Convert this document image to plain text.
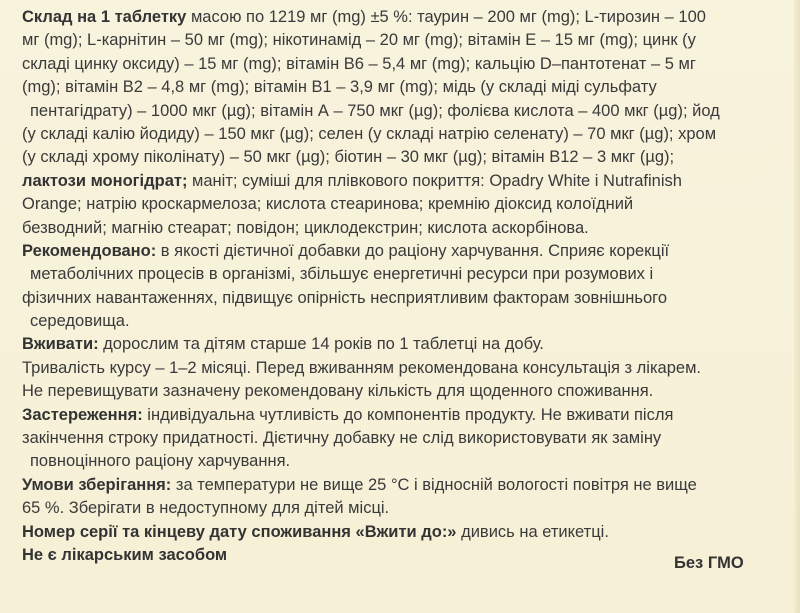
Склад на 1 таблетку масою по 1219 мг (mg) ±5 %: таурин – 200 мг (mg); L-тирозин – 100
мг (mg); L-карнітин – 50 мг (mg); нікотинамід – 20 мг (mg); вітамін Е – 15 мг (mg); цинк (у
складі цинку оксиду) – 15 мг (mg); вітамін В6 – 5,4 мг (mg); кальцію D–пантотенат – 5 мг
(mg); вітамін В2 – 4,8 мг (mg); вітамін В1 – 3,9 мг (mg); мідь (у складі міді сульфату
пентагідрату) – 1000 мкг (µg); вітамін А – 750 мкг (µg); фолієва кислота – 400 мкг (µg); йод
(у складі калію йодиду) – 150 мкг (µg); селен (у складі натрію селенату) – 70 мкг (µg); хром
(у складі хрому піколінату) – 50 мкг (µg); біотин – 30 мкг (µg); вітамін В12 – 3 мкг (µg);
лактози моногідрат; маніт; суміші для плівкового покриття: Opadry White і Nutrafinish
Orange; натрію кроскармелоза; кислота стеаринова; кремнію діоксид колоїдний
безводний; магнію стеарат; повідон; циклодекстрин; кислота аскорбінова.
Рекомендовано: в якості дієтичної добавки до раціону харчування. Сприяє корекції
метаболічних процесів в організмі, збільшує енергетичні ресурси при розумових і
фізичних навантаженнях, підвищує опірність несприятливим факторам зовнішнього
середовища.
Вживати: дорослим та дітям старше 14 років по 1 таблетці на добу.
Тривалість курсу – 1–2 місяці. Перед вживанням рекомендована консультація з лікарем.
Не перевищувати зазначену рекомендовану кількість для щоденного споживання.
Застереження: індивідуальна чутливість до компонентів продукту. Не вживати після
закінчення строку придатності. Дієтичну добавку не слід використовувати як заміну
повноцінного раціону харчування.
Умови зберігання: за температури не вище 25 °С і відносній вологості повітря не вище
65 %. Зберігати в недоступному для дітей місці.
Номер серії та кінцеву дату споживання «Вжити до:» дивись на етикетці.
Не є лікарським засобом	Без ГМО
